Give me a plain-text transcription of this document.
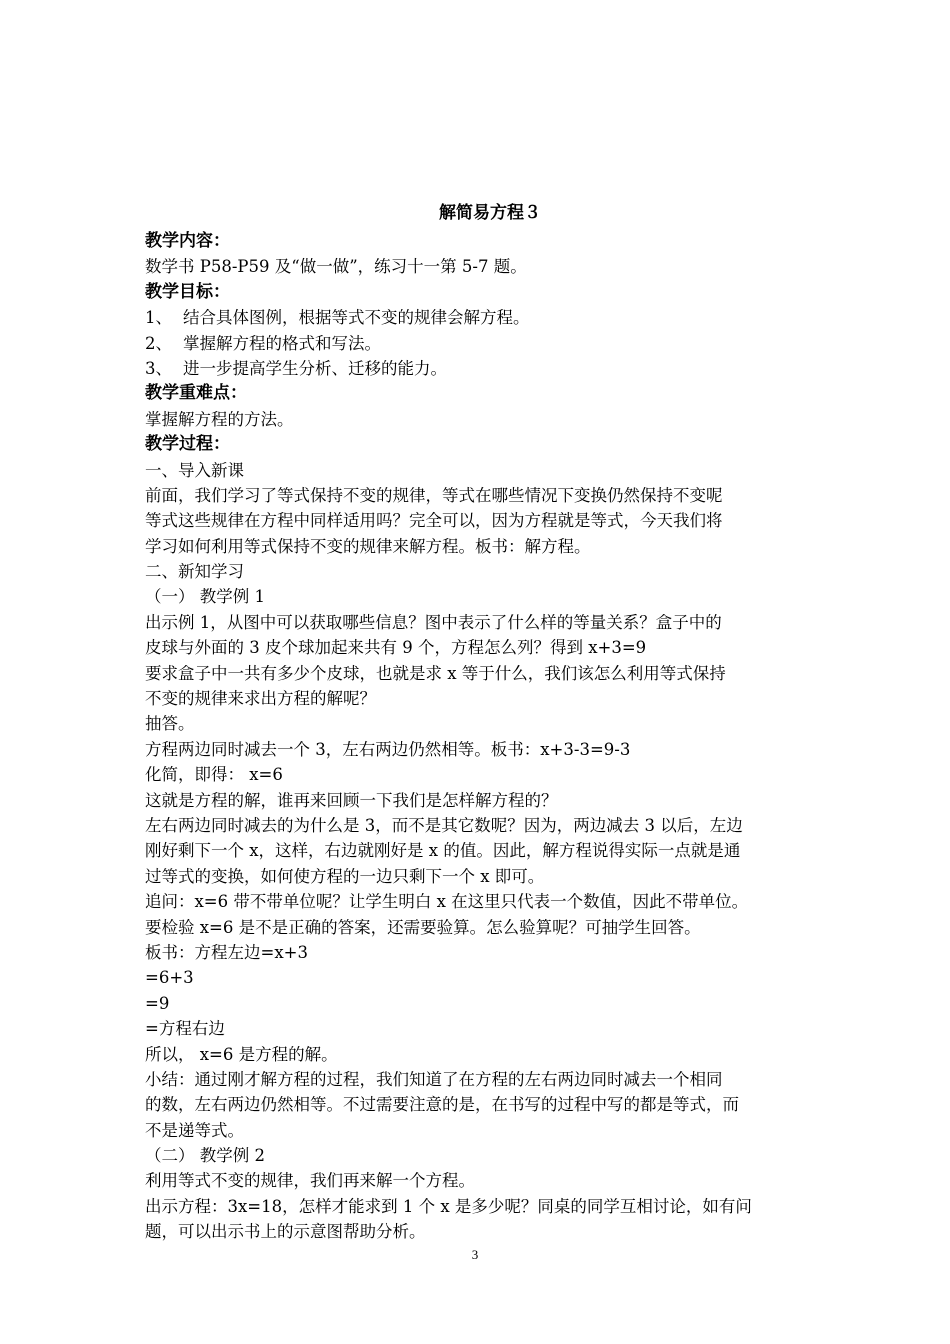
解简易方程３
教学内容：
数学书 P58-P59 及“做一做”，练习十一第 5-7 题。
教学目标：
1、 结合具体图例，根据等式不变的规律会解方程。
2、 掌握解方程的格式和写法。
3、 进一步提高学生分析、迁移的能力。
教学重难点：
掌握解方程的方法。
教学过程：
一、导入新课
前面，我们学习了等式保持不变的规律，等式在哪些情况下变换仍然保持不变呢
等式这些规律在方程中同样适用吗？完全可以，因为方程就是等式，今天我们将
学习如何利用等式保持不变的规律来解方程。板书：解方程。
二、新知学习
（一） 教学例 1
出示例 1，从图中可以获取哪些信息？图中表示了什么样的等量关系？盒子中的
皮球与外面的 3 皮个球加起来共有 9 个，方程怎么列？得到 x+3=9
要求盒子中一共有多少个皮球，也就是求 x 等于什么，我们该怎么利用等式保持
不变的规律来求出方程的解呢？
抽答。
方程两边同时减去一个 3，左右两边仍然相等。板书：x+3-3=9-3
化简，即得： x=6
这就是方程的解，谁再来回顾一下我们是怎样解方程的？
左右两边同时减去的为什么是 3，而不是其它数呢？因为，两边减去 3 以后，左边
刚好剩下一个 x，这样，右边就刚好是 x 的值。因此，解方程说得实际一点就是通
过等式的变换，如何使方程的一边只剩下一个 x 即可。
追问：x=6 带不带单位呢？让学生明白 x 在这里只代表一个数值，因此不带单位。
要检验 x=6 是不是正确的答案，还需要验算。怎么验算呢？可抽学生回答。
板书：方程左边=x+3
=6+3
=9
=方程右边
所以， x=6 是方程的解。
小结：通过刚才解方程的过程，我们知道了在方程的左右两边同时减去一个相同
的数，左右两边仍然相等。不过需要注意的是，在书写的过程中写的都是等式，而
不是递等式。
（二） 教学例 2
利用等式不变的规律，我们再来解一个方程。
出示方程：3x=18，怎样才能求到 1 个 x 是多少呢？同桌的同学互相讨论，如有问
题，可以出示书上的示意图帮助分析。
3
